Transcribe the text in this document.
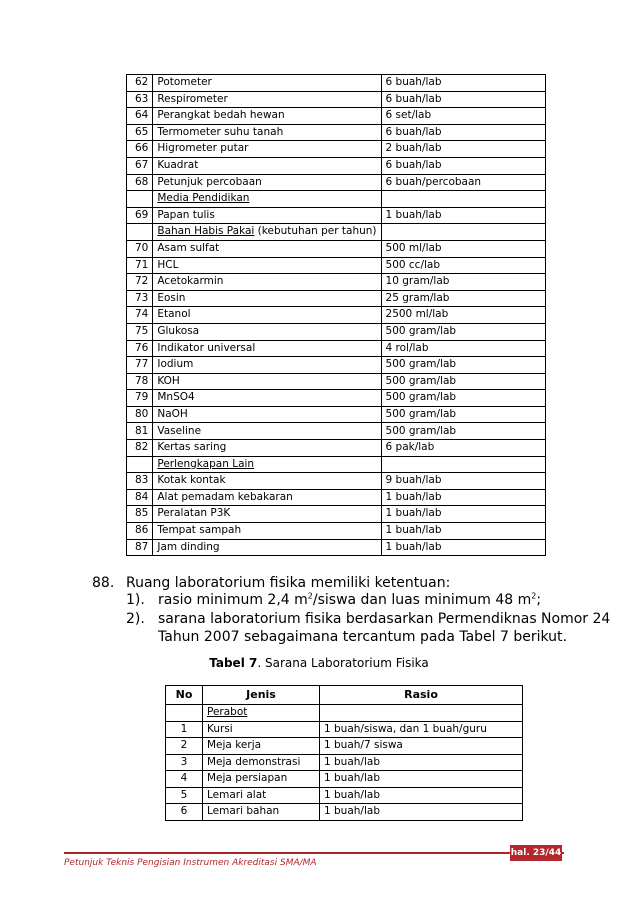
62	Potometer	6 buah/lab
63	Respirometer	6 buah/lab
64	Perangkat bedah hewan	6 set/lab
65	Termometer suhu tanah	6 buah/lab
66	Higrometer putar	2 buah/lab
67	Kuadrat	6 buah/lab
68	Petunjuk percobaan	6 buah/percobaan
	Media Pendidikan	
69	Papan tulis	1 buah/lab
	Bahan Habis Pakai (kebutuhan per tahun)	
70	Asam sulfat	500 ml/lab
71	HCL	500 cc/lab
72	Acetokarmin	10 gram/lab
73	Eosin	25 gram/lab
74	Etanol	2500 ml/lab
75	Glukosa	500 gram/lab
76	Indikator universal	4 rol/lab
77	Iodium	500 gram/lab
78	KOH	500 gram/lab
79	MnSO4	500 gram/lab
80	NaOH	500 gram/lab
81	Vaseline	500 gram/lab
82	Kertas saring	6 pak/lab
	Perlengkapan Lain	
83	Kotak kontak	9 buah/lab
84	Alat pemadam kebakaran	1 buah/lab
85	Peralatan P3K	1 buah/lab
86	Tempat sampah	1 buah/lab
87	Jam dinding	1 buah/lab
88. Ruang laboratorium fisika memiliki ketentuan:
1). rasio minimum 2,4 $m^2$/siswa dan luas minimum 48 $m^2$;
2). sarana laboratorium fisika berdasarkan Permendiknas Nomor 24
Tahun 2007 sebagaimana tercantum pada Tabel 7 berikut.
Tabel 7. Sarana Laboratorium Fisika
No	Jenis	Rasio
	Perabot	
1	Kursi	1 buah/siswa, dan 1 buah/guru
2	Meja kerja	1 buah/7 siswa
3	Meja demonstrasi	1 buah/lab
4	Meja persiapan	1 buah/lab
5	Lemari alat	1 buah/lab
6	Lemari bahan	1 buah/lab
hal. 23/44
Petunjuk Teknis Pengisian Instrumen Akreditasi SMA/MA
